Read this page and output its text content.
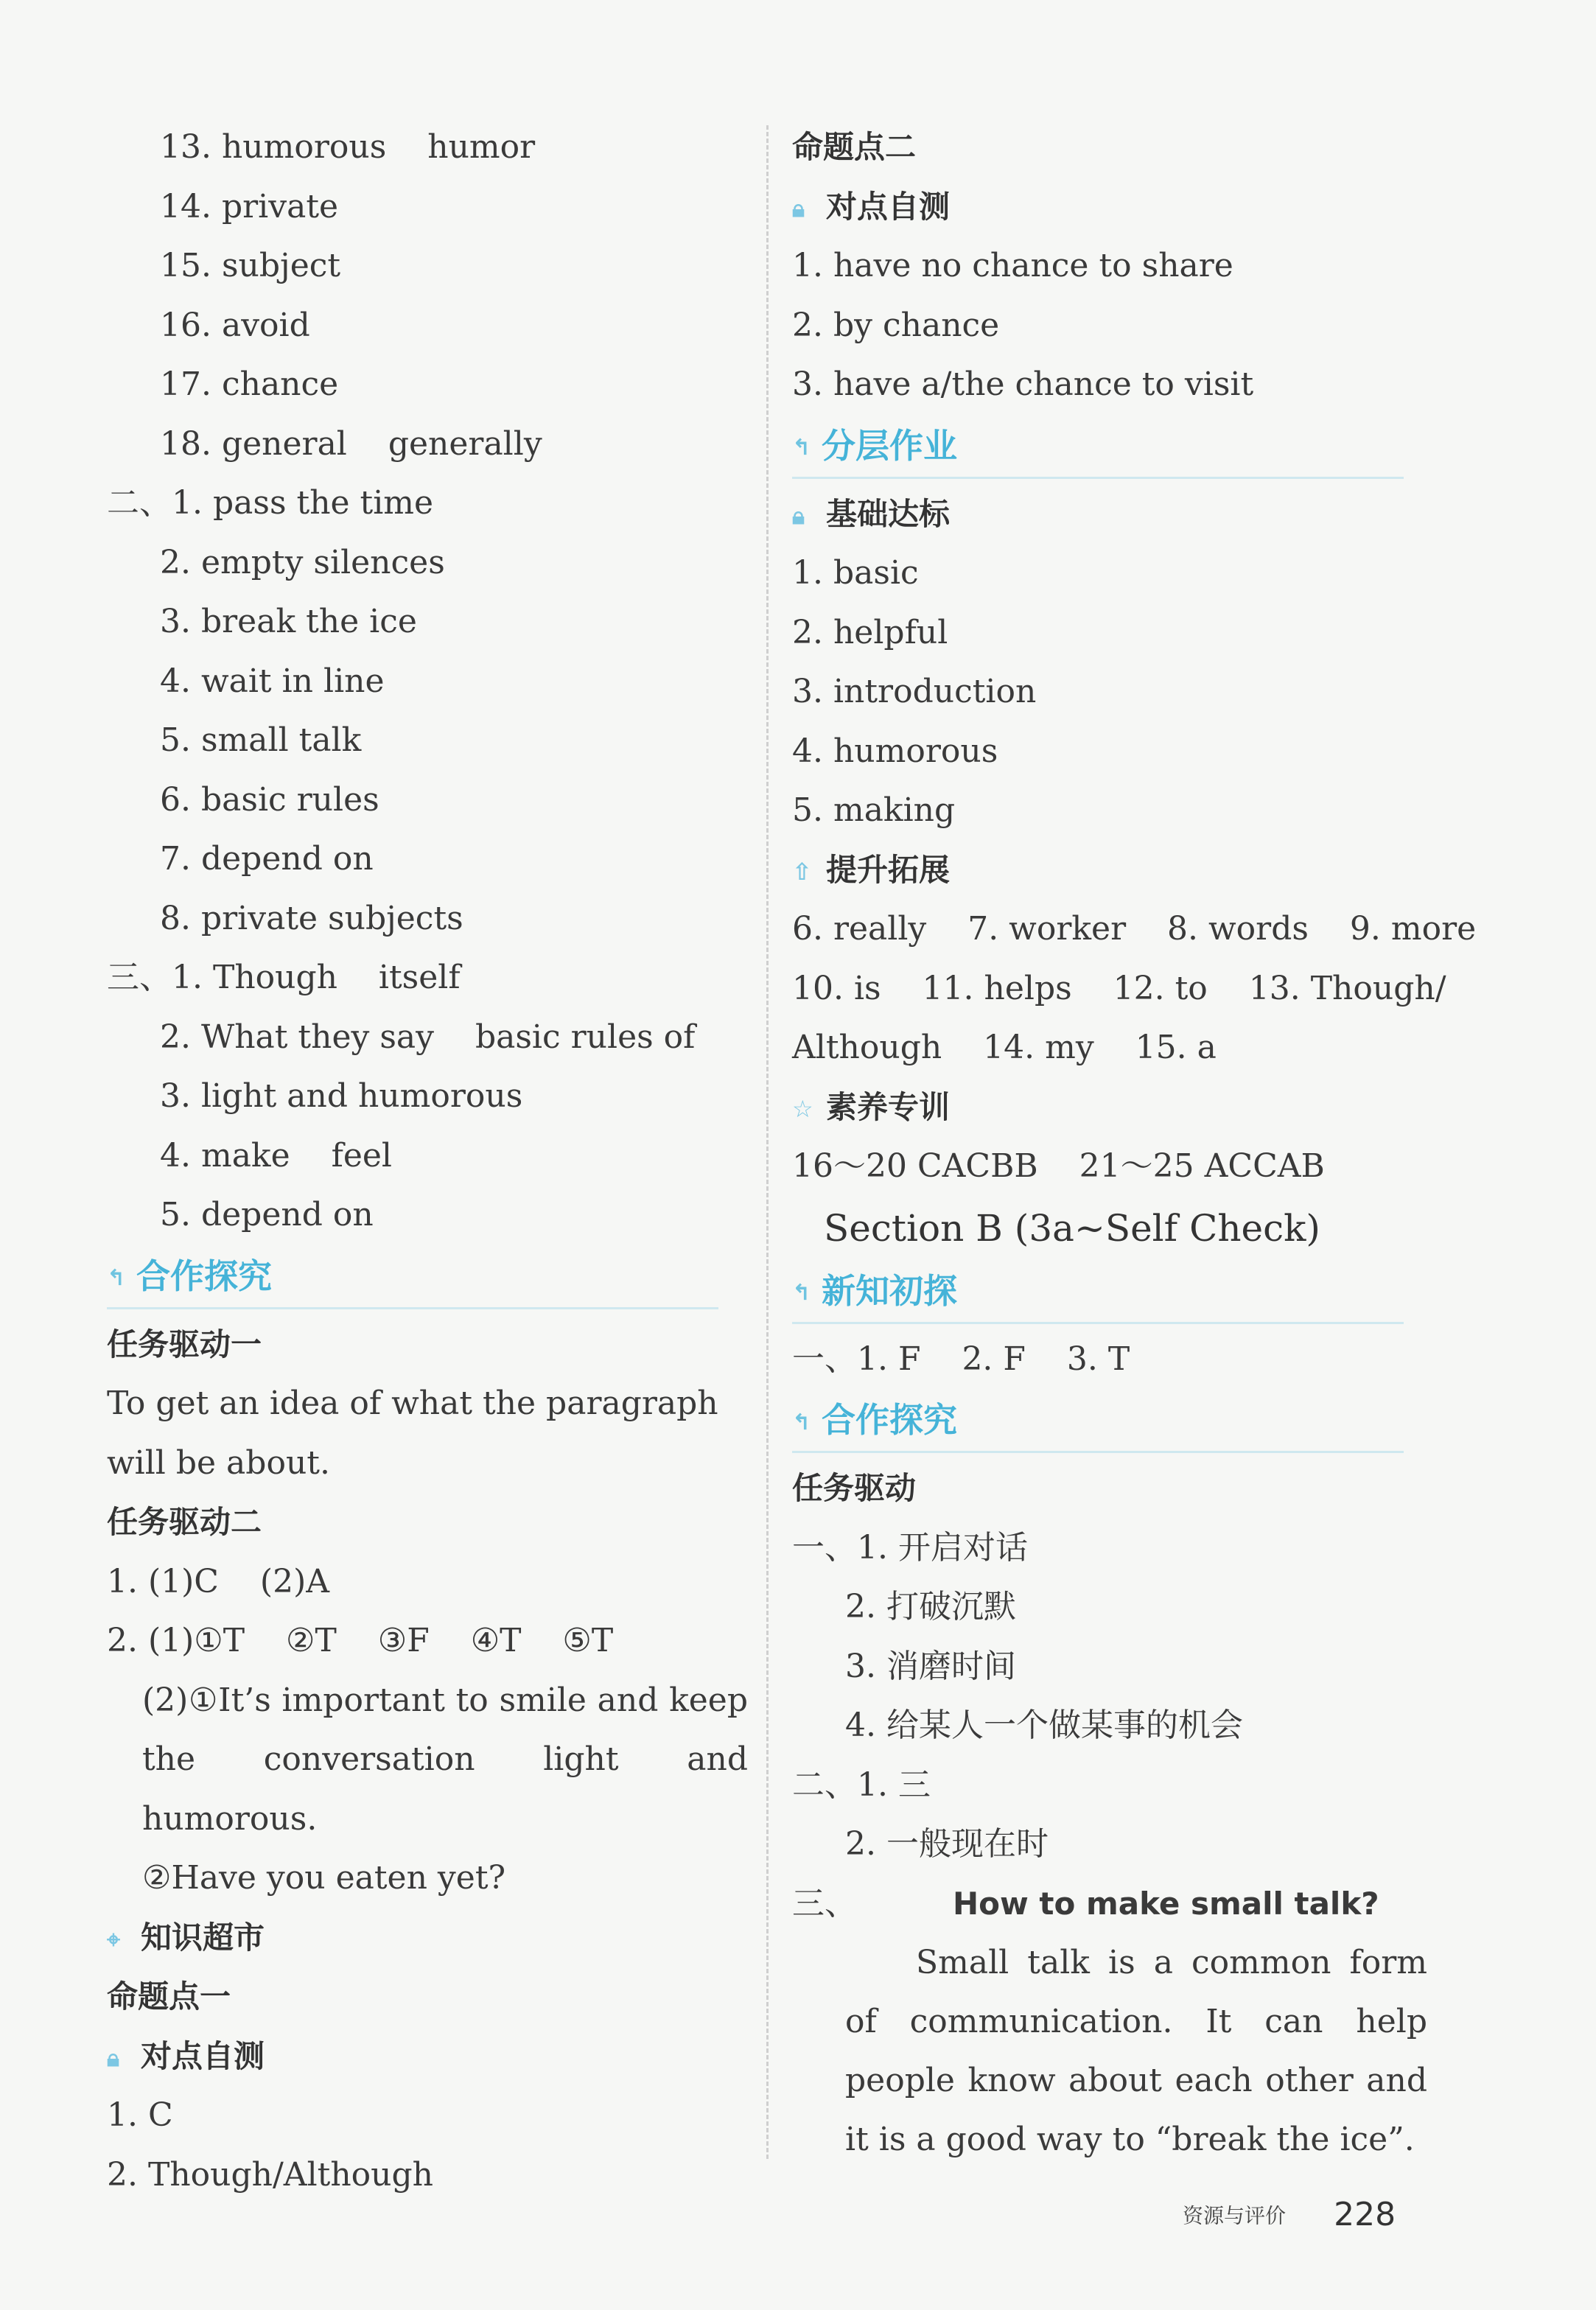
13. humorous    humor
14. private
15. subject
16. avoid
17. chance
18. general    generally
二、1. pass the time
2. empty silences
3. break the ice
4. wait in line
5. small talk
6. basic rules
7. depend on
8. private subjects
三、1. Though    itself
2. What they say    basic rules of
3. light and humorous
4. make    feel
5. depend on
↰ 合作探究
任务驱动一
To get an idea of what the paragraph will be about.
任务驱动二
1. (1)C    (2)A
2. (1)①T    ②T    ③F    ④T    ⑤T
(2)①It’s important to smile and keep the conversation light and humorous.
②Have you eaten yet?
⌖ 知识超市
命题点一
🔒︎ 对点自测
1. C
2. Though/Although
命题点二
🔒︎ 对点自测
1. have no chance to share
2. by chance
3. have a/the chance to visit
↰ 分层作业
🔒︎ 基础达标
1. basic
2. helpful
3. introduction
4. humorous
5. making
⇧ 提升拓展
6. really    7. worker    8. words    9. more
10. is    11. helps    12. to    13. Though/
Although    14. my    15. a
☆ 素养专训
16～20 CACBB    21～25 ACCAB
Section B (3a~Self Check)
↰ 新知初探
一、1. F    2. F    3. T
↰ 合作探究
任务驱动
一、1. 开启对话
2. 打破沉默
3. 消磨时间
4. 给某人一个做某事的机会
二、1. 三
2. 一般现在时
三、	How to make small talk?
Small talk is a common form of communication. It can help people know about each other and it is a good way to “break the ice”.
资源与评价 228
